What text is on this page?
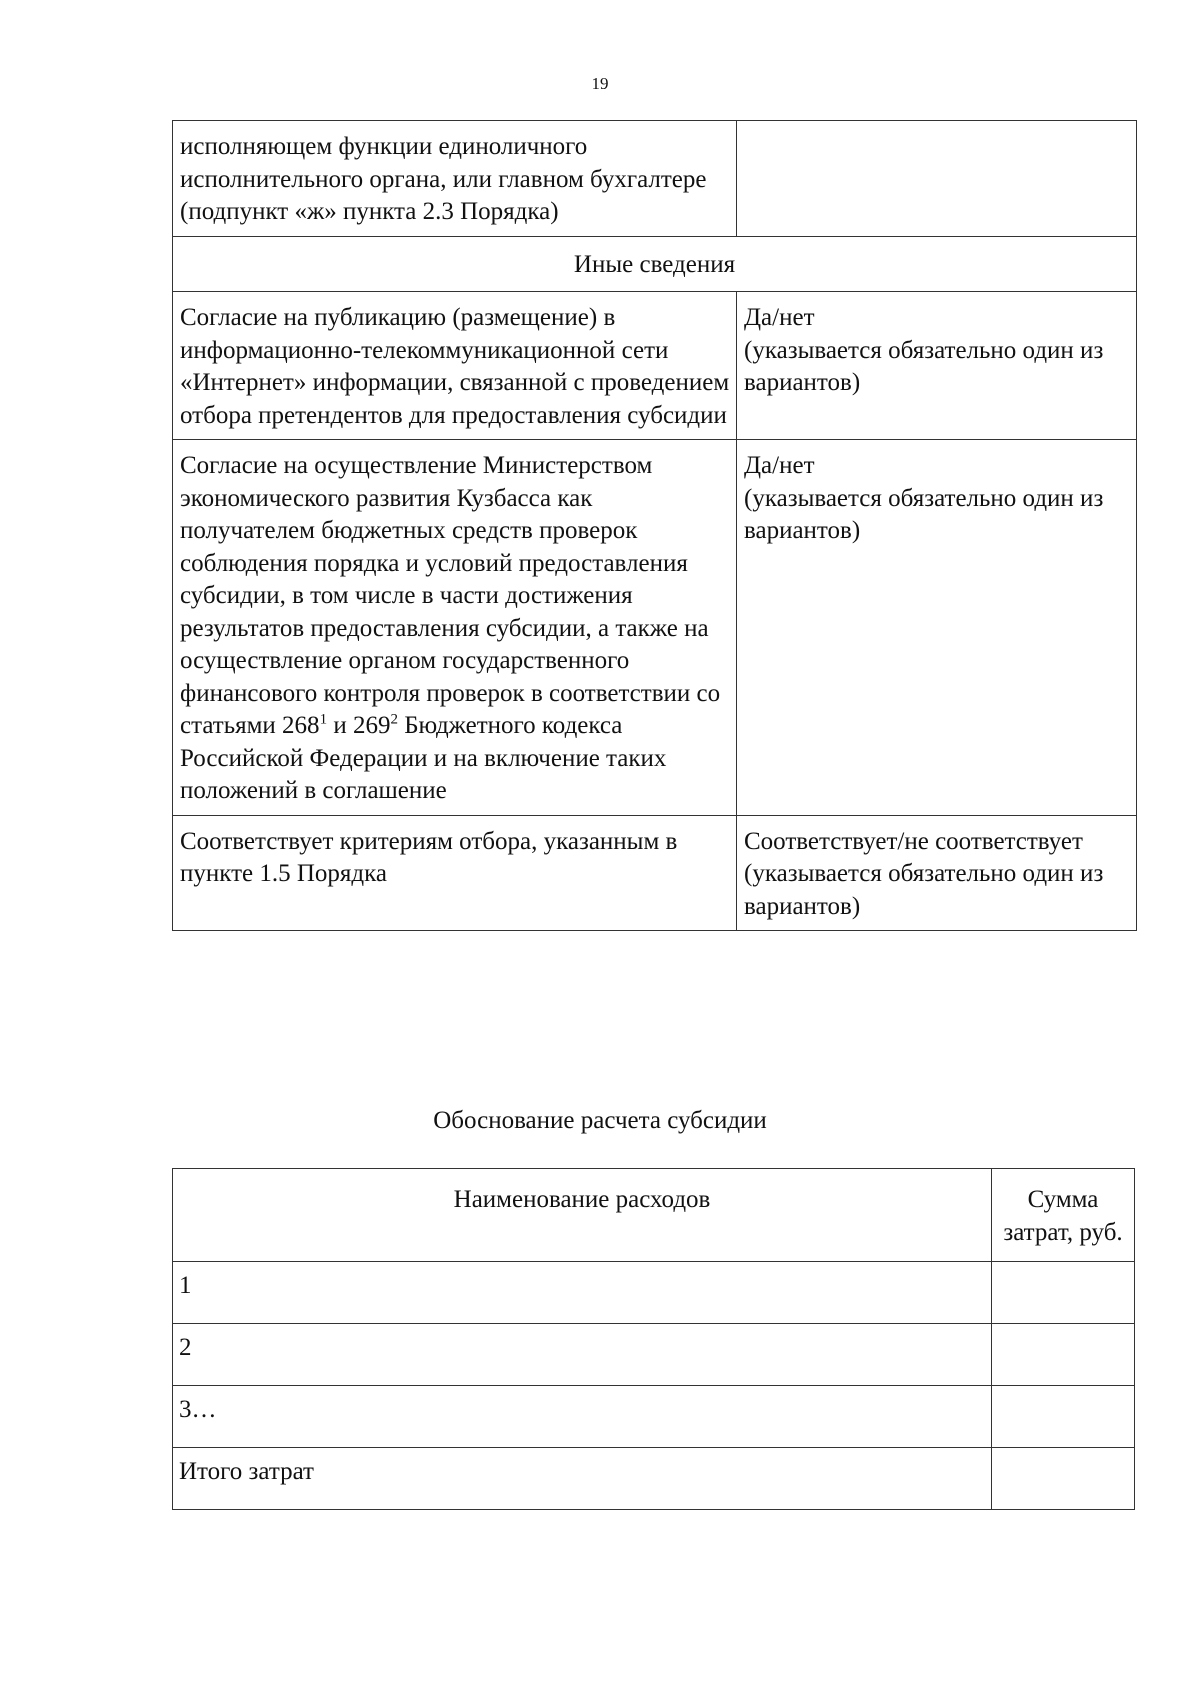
19
исполняющем функции единоличного исполнительного органа, или главном бухгалтере (подпункт «ж» пункта 2.3 Порядка)	
Иные сведения	
Согласие на публикацию (размещение) в информационно-телекоммуникационной сети «Интернет» информации, связанной с проведением отбора претендентов для предоставления субсидии	Да/нет
(указывается обязательно один из вариантов)

Согласие на осуществление Министерством экономического развития Кузбасса как получателем бюджетных средств проверок соблюдения порядка и условий предоставления субсидии, в том числе в части достижения результатов предоставления субсидии, а также на осуществление органом государственного финансового контроля проверок в соответствии со статьями $268^1$ и $269^2$ Бюджетного кодекса Российской Федерации и на включение таких положений в соглашение	Да/нет
(указывается обязательно один из вариантов)

Соответствует критериям отбора, указанным в пункте 1.5 Порядка	Соответствует/не соответствует
(указывается обязательно один из вариантов)
Обоснование расчета субсидии
Наименование расходов	Сумма затрат, руб.
1	
2	
3…	
Итого затрат	
